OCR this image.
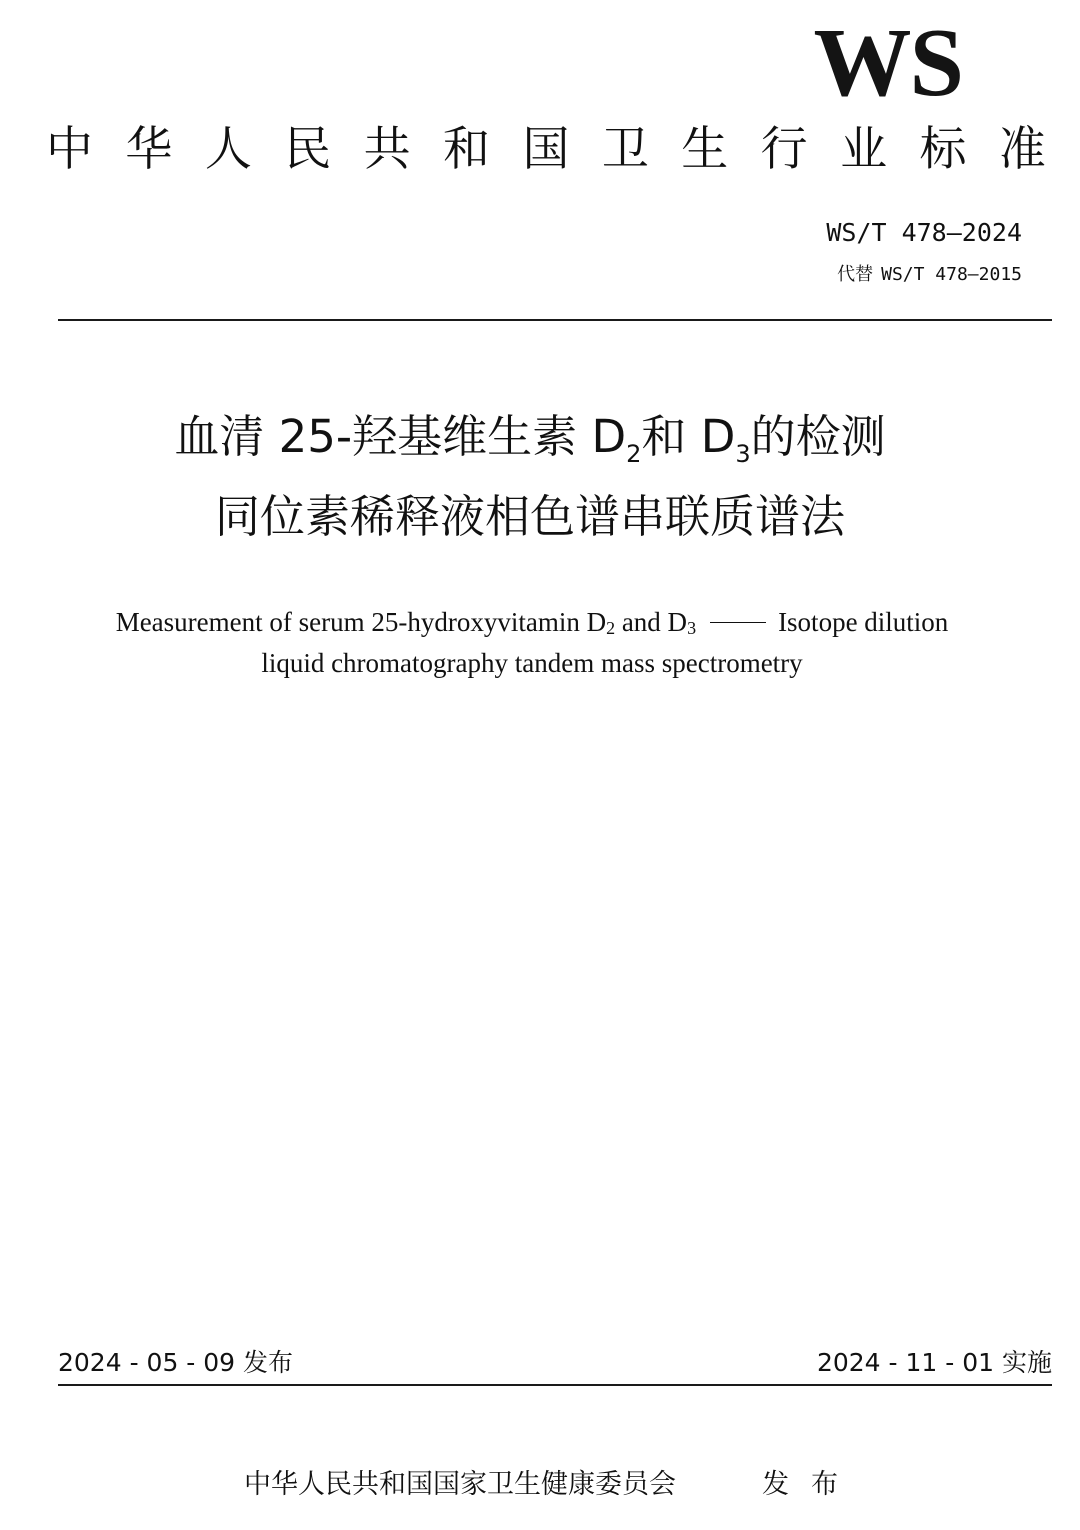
WS
中 华 人 民 共 和 国 卫 生 行 业 标 准
WS/T 478—2024
代替 WS/T 478—2015
血清 25-羟基维生素 $D_2$和 $D_3$的检测
同位素稀释液相色谱串联质谱法
Measurement of serum 25-hydroxyvitamin $D_2$ and $D_3$	Isotope dilution
liquid chromatography tandem mass spectrometry
2024 - 05 - 09 发布	2024 - 11 - 01 实施
中华人民共和国国家卫生健康委员会	发布
